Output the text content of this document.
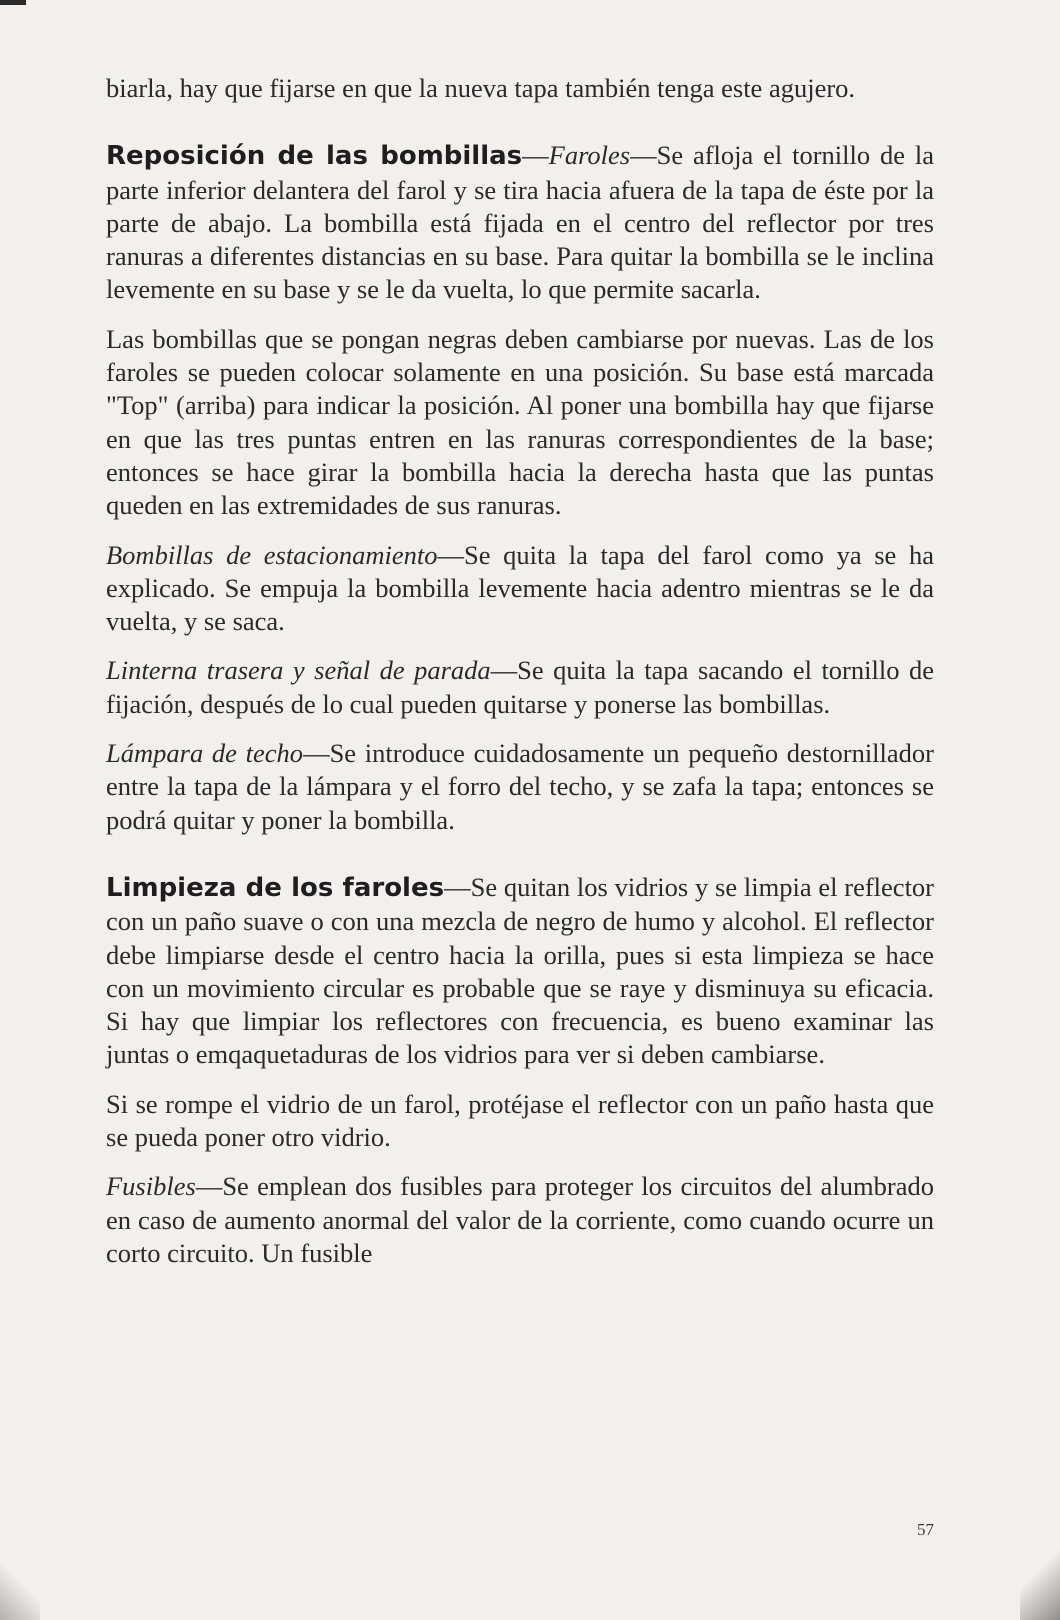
biarla, hay que fijarse en que la nueva tapa también tenga este agujero.

Reposición de las bombillas—Faroles—Se afloja el tornillo de la parte inferior delantera del farol y se tira hacia afuera de la tapa de éste por la parte de abajo. La bombilla está fijada en el centro del reflector por tres ranuras a diferentes distancias en su base. Para quitar la bombilla se le inclina levemente en su base y se le da vuelta, lo que permite sacarla.

Las bombillas que se pongan negras deben cambiarse por nuevas. Las de los faroles se pueden colocar solamente en una posición. Su base está marcada "Top" (arriba) para indicar la posición. Al poner una bombilla hay que fijarse en que las tres puntas entren en las ranuras correspondientes de la base; entonces se hace girar la bombilla hacia la derecha hasta que las puntas queden en las extremidades de sus ranuras.

Bombillas de estacionamiento—Se quita la tapa del farol como ya se ha explicado. Se empuja la bombilla levemente hacia adentro mientras se le da vuelta, y se saca.

Linterna trasera y señal de parada—Se quita la tapa sacando el tornillo de fijación, después de lo cual pueden quitarse y ponerse las bombillas.

Lámpara de techo—Se introduce cuidadosamente un pequeño destornillador entre la tapa de la lámpara y el forro del techo, y se zafa la tapa; entonces se podrá quitar y poner la bombilla.

Limpieza de los faroles—Se quitan los vidrios y se limpia el reflector con un paño suave o con una mezcla de negro de humo y alcohol. El reflector debe limpiarse desde el centro hacia la orilla, pues si esta limpieza se hace con un movimiento circular es probable que se raye y disminuya su eficacia. Si hay que limpiar los reflectores con frecuencia, es bueno examinar las juntas o emqaquetaduras de los vidrios para ver si deben cambiarse.

Si se rompe el vidrio de un farol, protéjase el reflector con un paño hasta que se pueda poner otro vidrio.

Fusibles—Se emplean dos fusibles para proteger los circuitos del alumbrado en caso de aumento anormal del valor de la corriente, como cuando ocurre un corto circuito. Un fusible

57
